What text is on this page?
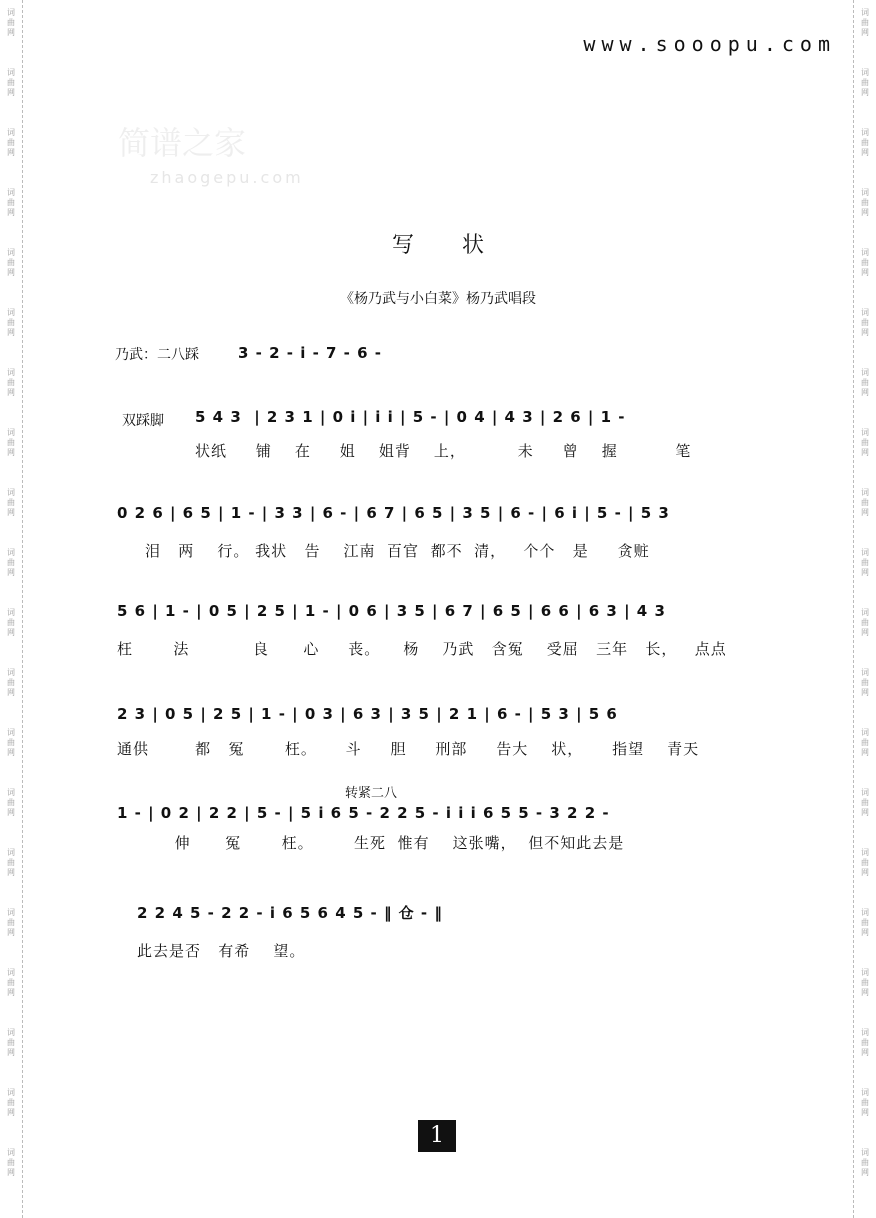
词
曲
网
词
曲
网
词
曲
网
词
曲
网
词
曲
网
词
曲
网
词
曲
网
词
曲
网
词
曲
网
词
曲
网
词
曲
网
词
曲
网
词
曲
网
词
曲
网
词
曲
网
词
曲
网
词
曲
网
词
曲
网
词
曲
网
词
曲
网
词
曲
网
词
曲
网
词
曲
网
词
曲
网
词
曲
网
词
曲
网
词
曲
网
词
曲
网
词
曲
网
词
曲
网
词
曲
网
词
曲
网
词
曲
网
词
曲
网
词
曲
网
词
曲
网
词
曲
网
词
曲
网
词
曲
网
词
曲
网
www.sooopu.com
简谱之家
zhaogepu.com
写状
《杨乃武与小白菜》杨乃武唱段
乃武：二八踩	3 - 2 - i - 7 - 6 -
双踩脚 5 4 3  | 2 3 1 | 0 i | i i | 5 - | 0 4 | 4 3 | 2 6 | 1 -
状纸     铺    在     姐    姐背    上，         未     曾    握          笔
0 2 6 | 6 5 | 1 - | 3 3 | 6 - | 6 7 | 6 5 | 3 5 | 6 - | 6 i | 5 - | 5 3
泪   两    行。 我状   告    江南  百官  都不  清，   个个   是     贪赃
5 6 | 1 - | 0 5 | 2 5 | 1 - | 0 6 | 3 5 | 6 7 | 6 5 | 6 6 | 6 3 | 4 3
枉       法           良      心     丧。    杨    乃武   含冤    受屈   三年   长，   点点
2 3 | 0 5 | 2 5 | 1 - | 0 3 | 6 3 | 3 5 | 2 1 | 6 - | 5 3 | 5 6
通供        都   冤       枉。     斗     胆     刑部     告大    状，     指望    青天
转紧二八
1 - | 0 2 | 2 2 | 5 - | 5 i 6 5 - 2 2 5 - i i i 6 5 5 - 3 2 2 -
伸      冤       枉。       生死  惟有    这张嘴，  但不知此去是
2 2 4 5 - 2 2 - i 6 5 6 4 5 - ‖ 仓 - ‖
此去是否   有希    望。
1
